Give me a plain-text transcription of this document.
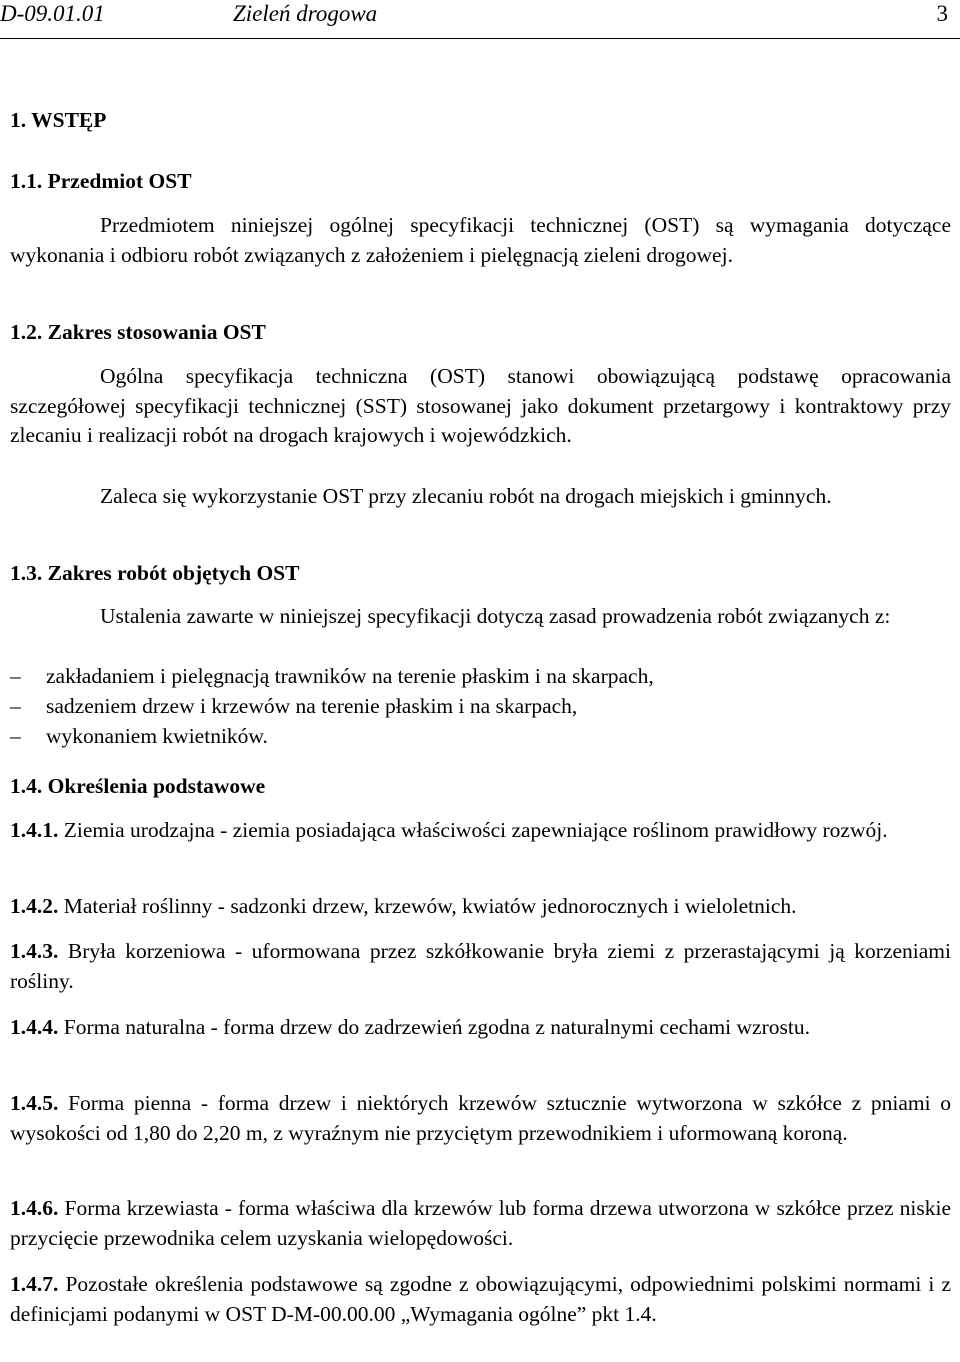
D-09.01.01	Zieleń drogowa	3
1. WSTĘP
1.1. Przedmiot OST

Przedmiotem niniejszej ogólnej specyfikacji technicznej (OST) są wymagania dotyczące wykonania i odbioru robót związanych z założeniem i pielęgnacją zieleni drogowej.

1.2. Zakres stosowania OST

Ogólna specyfikacja techniczna (OST) stanowi obowiązującą podstawę opracowania szczegółowej specyfikacji technicznej (SST) stosowanej jako dokument przetargowy i kontraktowy przy zlecaniu i realizacji robót na drogach krajowych i wojewódzkich.

Zaleca się wykorzystanie OST przy zlecaniu robót na drogach miejskich i gminnych.

1.3. Zakres robót objętych OST

Ustalenia zawarte w niniejszej specyfikacji dotyczą zasad prowadzenia robót związanych z:

– zakładaniem i pielęgnacją trawników na terenie płaskim i na skarpach,
– sadzeniem drzew i krzewów na terenie płaskim i na skarpach,
– wykonaniem kwietników.
1.4. Określenia podstawowe

1.4.1. Ziemia urodzajna - ziemia posiadająca właściwości zapewniające roślinom prawidłowy rozwój.

1.4.2. Materiał roślinny - sadzonki drzew, krzewów, kwiatów jednorocznych i wieloletnich.

1.4.3. Bryła korzeniowa - uformowana przez szkółkowanie bryła ziemi z przerastającymi ją korzeniami rośliny.

1.4.4. Forma naturalna - forma drzew do zadrzewień zgodna z naturalnymi cechami wzrostu.

1.4.5. Forma pienna - forma drzew i niektórych krzewów sztucznie wytworzona w szkółce z pniami o wysokości od 1,80 do 2,20 m, z wyraźnym nie przyciętym przewodnikiem i uformowaną koroną.

1.4.6. Forma krzewiasta - forma właściwa dla krzewów lub forma drzewa utworzona w szkółce przez niskie przycięcie przewodnika celem uzyskania wielopędowości.

1.4.7. Pozostałe określenia podstawowe są zgodne z obowiązującymi, odpowiednimi polskimi normami i z definicjami podanymi w OST D-M-00.00.00 „Wymagania ogólne” pkt 1.4.
